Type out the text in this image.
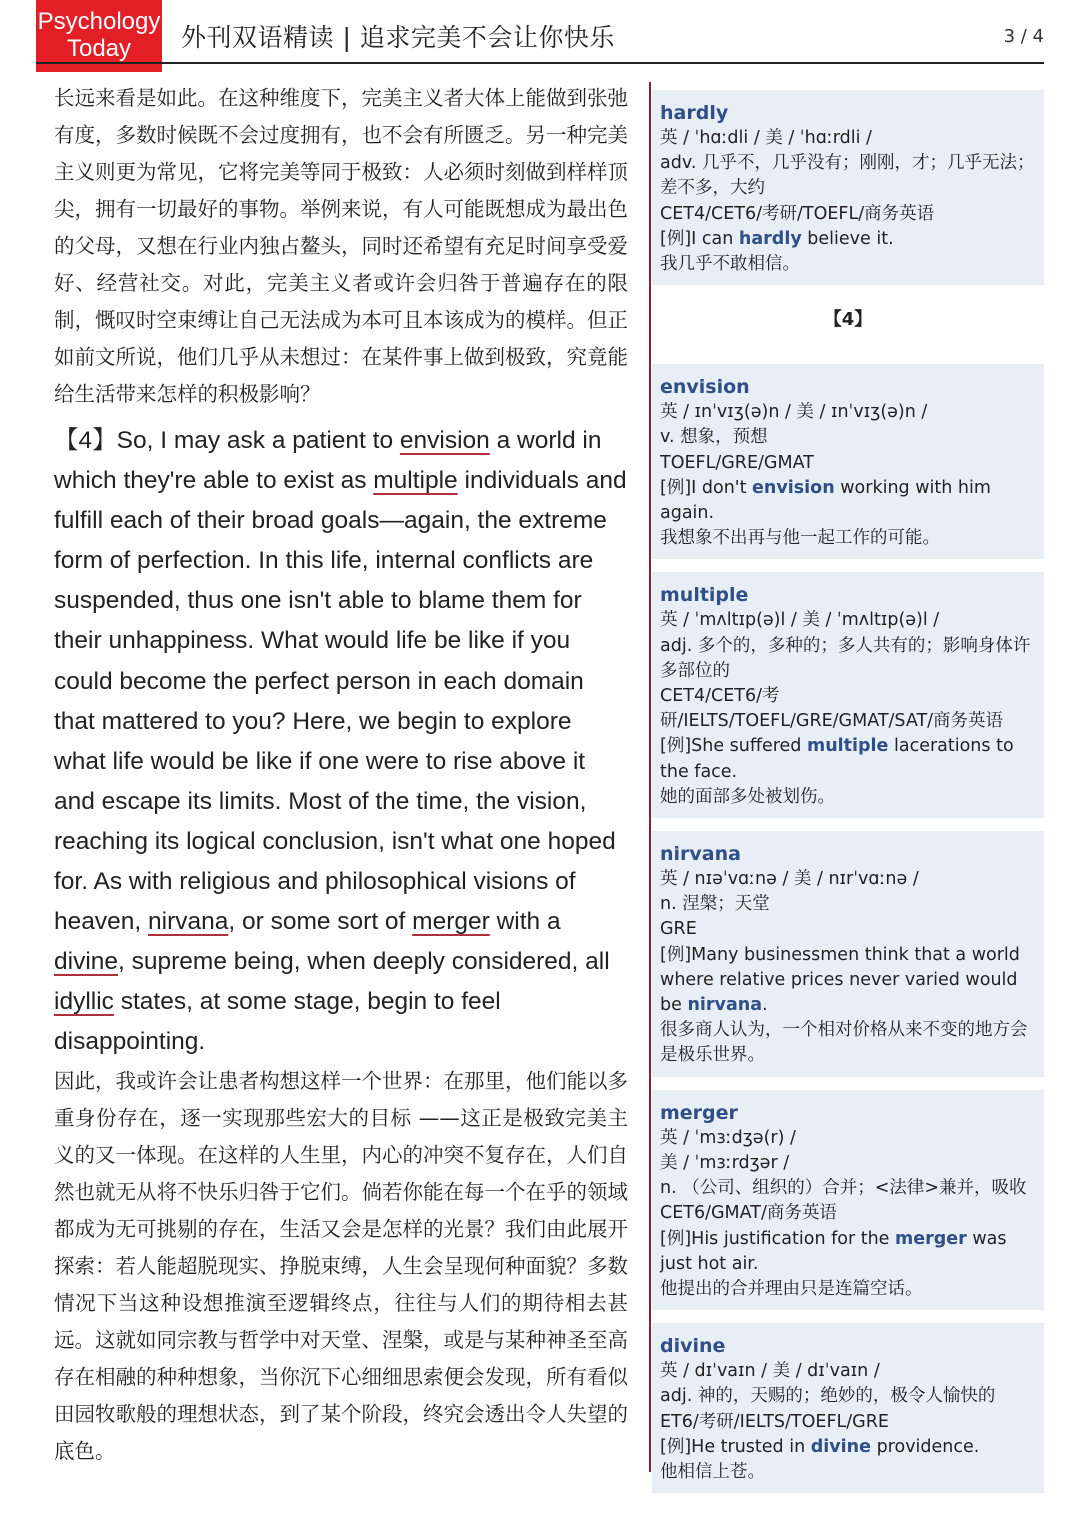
Psychology
Today	外刊双语精读 | 追求完美不会让你快乐	3 / 4

长远来看是如此。在这种维度下，完美主义者大体上能做到张弛有度，多数时候既不会过度拥有，也不会有所匮乏。另一种完美主义则更为常见，它将完美等同于极致：人必须时刻做到样样顶尖，拥有一切最好的事物。举例来说，有人可能既想成为最出色的父母，又想在行业内独占鳌头，同时还希望有充足时间享受爱好、经营社交。对此，完美主义者或许会归咎于普遍存在的限制，慨叹时空束缚让自己无法成为本可且本该成为的模样。但正如前文所说，他们几乎从未想过：在某件事上做到极致，究竟能给生活带来怎样的积极影响？

【4】So, I may ask a patient to envision a world in which they're able to exist as multiple individuals and fulfill each of their broad goals—again, the extreme form of perfection. In this life, internal conflicts are suspended, thus one isn't able to blame them for their unhappiness. What would life be like if you could become the perfect person in each domain that mattered to you? Here, we begin to explore what life would be like if one were to rise above it and escape its limits. Most of the time, the vision, reaching its logical conclusion, isn't what one hoped for. As with religious and philosophical visions of heaven, nirvana, or some sort of merger with a divine, supreme being, when deeply considered, all idyllic states, at some stage, begin to feel disappointing.

因此，我或许会让患者构想这样一个世界：在那里，他们能以多重身份存在，逐一实现那些宏大的目标 ——这正是极致完美主义的又一体现。在这样的人生里，内心的冲突不复存在，人们自然也就无从将不快乐归咎于它们。倘若你能在每一个在乎的领域都成为无可挑剔的存在，生活又会是怎样的光景？我们由此展开探索：若人能超脱现实、挣脱束缚，人生会呈现何种面貌？多数情况下当这种设想推演至逻辑终点，往往与人们的期待相去甚远。这就如同宗教与哲学中对天堂、涅槃，或是与某种神圣至高存在相融的种种想象，当你沉下心细细思索便会发现，所有看似田园牧歌般的理想状态，到了某个阶段，终究会透出令人失望的底色。

hardly
英 / ˈhɑːdli / 美 / ˈhɑːrdli /
adv. 几乎不，几乎没有；刚刚，才；几乎无法；差不多，大约
CET4/CET6/考研/TOEFL/商务英语
[例]I can hardly believe it.
我几乎不敢相信。
【4】
envision
英 / ɪnˈvɪʒ(ə)n / 美 / ɪnˈvɪʒ(ə)n /
v. 想象，预想
TOEFL/GRE/GMAT
[例]I don't envision working with him again.
我想象不出再与他一起工作的可能。
multiple
英 / ˈmʌltɪp(ə)l / 美 / ˈmʌltɪp(ə)l /
adj. 多个的，多种的；多人共有的；影响身体许多部位的
CET4/CET6/考研/IELTS/TOEFL/GRE/GMAT/SAT/商务英语
[例]She suffered multiple lacerations to the face.
她的面部多处被划伤。
nirvana
英 / nɪəˈvɑːnə / 美 / nɪrˈvɑːnə /
n. 涅槃；天堂
GRE
[例]Many businessmen think that a world where relative prices never varied would be nirvana.
很多商人认为，一个相对价格从来不变的地方会是极乐世界。
merger
英 / ˈmɜːdʒə(r) /
美 / ˈmɜːrdʒər /
n. （公司、组织的）合并；<法律>兼并，吸收
CET6/GMAT/商务英语
[例]His justification for the merger was just hot air.
他提出的合并理由只是连篇空话。
divine
英 / dɪˈvaɪn / 美 / dɪˈvaɪn /
adj. 神的，天赐的；绝妙的，极令人愉快的
ET6/考研/IELTS/TOEFL/GRE
[例]He trusted in divine providence.
他相信上苍。
